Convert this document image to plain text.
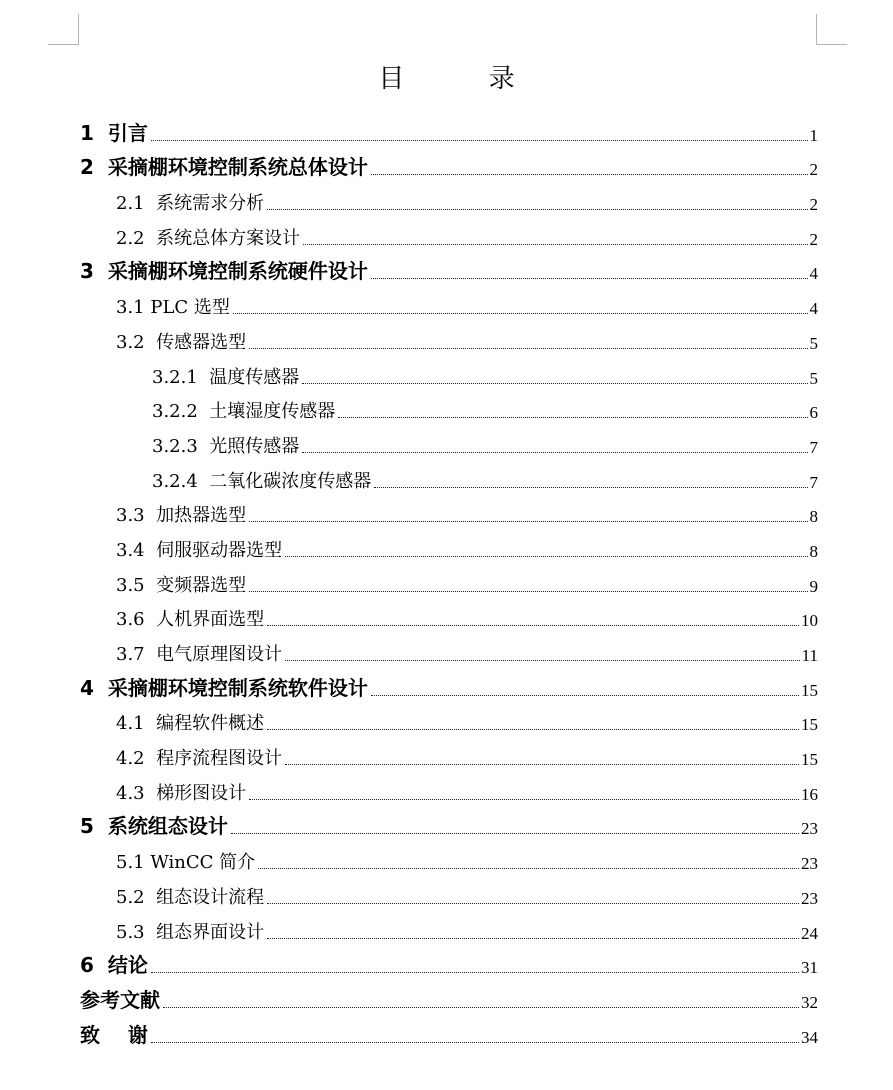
目 录
1  引言	1
2  采摘棚环境控制系统总体设计	2
2.1  系统需求分析	2
2.2  系统总体方案设计	2
3  采摘棚环境控制系统硬件设计	4
3.1 PLC 选型	4
3.2  传感器选型	5
3.2.1  温度传感器	5
3.2.2  土壤湿度传感器	6
3.2.3  光照传感器	7
3.2.4  二氧化碳浓度传感器	7
3.3  加热器选型	8
3.4  伺服驱动器选型	8
3.5  变频器选型	9
3.6  人机界面选型	10
3.7  电气原理图设计	11
4  采摘棚环境控制系统软件设计	15
4.1  编程软件概述	15
4.2  程序流程图设计	15
4.3  梯形图设计	16
5  系统组态设计	23
5.1 WinCC 简介	23
5.2  组态设计流程	23
5.3  组态界面设计	24
6  结论	31
参考文献	32
致    谢	34
